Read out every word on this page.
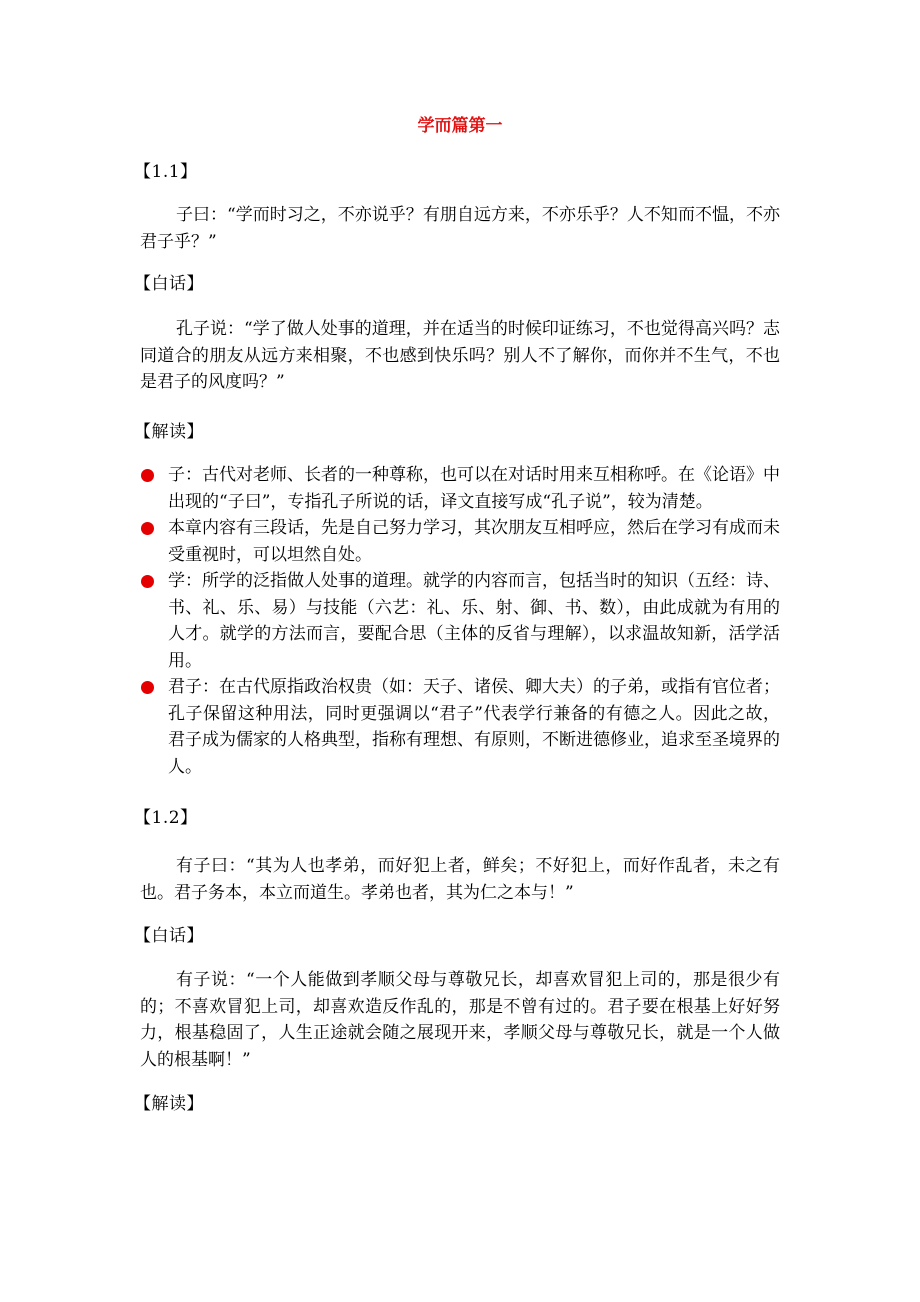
学而篇第一
【1.1】
子曰：“学而时习之，不亦说乎？有朋自远方来，不亦乐乎？人不知而不愠，不亦君子乎？”
【白话】
孔子说：“学了做人处事的道理，并在适当的时候印证练习，不也觉得高兴吗？志同道合的朋友从远方来相聚，不也感到快乐吗？别人不了解你，而你并不生气，不也是君子的风度吗？”
【解读】
子：古代对老师、长者的一种尊称，也可以在对话时用来互相称呼。在《论语》中出现的“子曰”，专指孔子所说的话，译文直接写成“孔子说”，较为清楚。
本章内容有三段话，先是自己努力学习，其次朋友互相呼应，然后在学习有成而未受重视时，可以坦然自处。
学：所学的泛指做人处事的道理。就学的内容而言，包括当时的知识（五经：诗、书、礼、乐、易）与技能（六艺：礼、乐、射、御、书、数），由此成就为有用的人才。就学的方法而言，要配合思（主体的反省与理解），以求温故知新，活学活用。
君子：在古代原指政治权贵（如：天子、诸侯、卿大夫）的子弟，或指有官位者；孔子保留这种用法，同时更强调以“君子”代表学行兼备的有德之人。因此之故，君子成为儒家的人格典型，指称有理想、有原则，不断进德修业，追求至圣境界的人。
【1.2】
有子曰：“其为人也孝弟，而好犯上者，鲜矣；不好犯上，而好作乱者，未之有也。君子务本，本立而道生。孝弟也者，其为仁之本与！”
【白话】
有子说：“一个人能做到孝顺父母与尊敬兄长，却喜欢冒犯上司的，那是很少有的；不喜欢冒犯上司，却喜欢造反作乱的，那是不曾有过的。君子要在根基上好好努力，根基稳固了，人生正途就会随之展现开来，孝顺父母与尊敬兄长，就是一个人做人的根基啊！”
【解读】
